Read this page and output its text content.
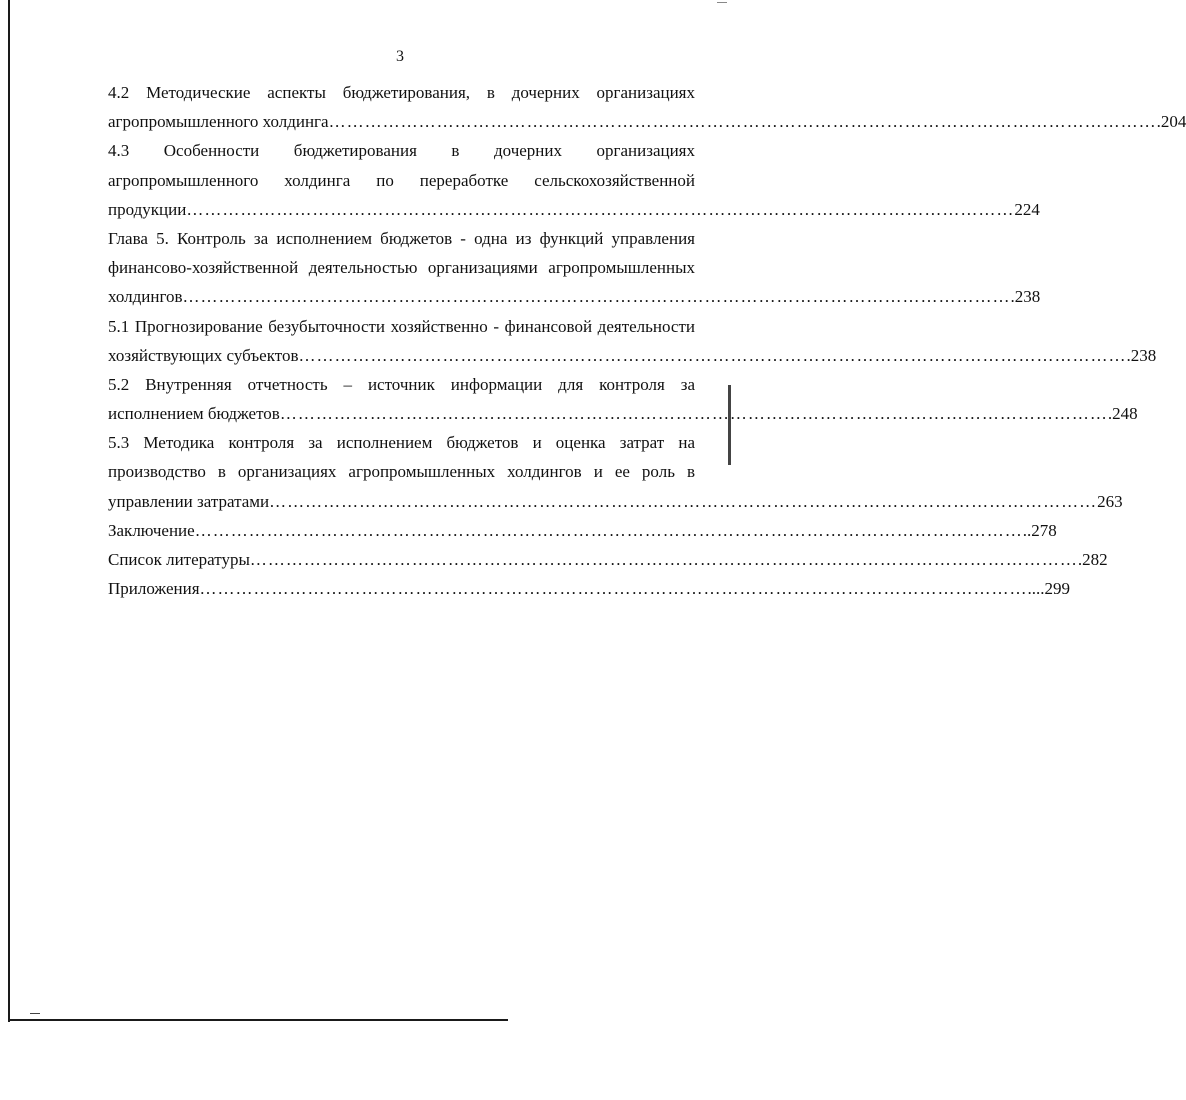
3
4.2 Методические аспекты бюджетирования, в дочерних организациях
агропромышленного холдинга ………………………………………………………………………………………………………………………… .204
4.3 Особенности бюджетирования в дочерних организациях
агропромышленного холдинга по переработке сельскохозяйственной
продукции ………………………………………………………………………………………………………………………… 224
Глава 5. Контроль за исполнением бюджетов - одна из функций управления
финансово-хозяйственной деятельностью организациями агропромышленных
холдингов ………………………………………………………………………………………………………………………… .238
5.1 Прогнозирование безубыточности хозяйственно - финансовой деятельности
хозяйствующих субъектов ………………………………………………………………………………………………………………………… .238
5.2 Внутренняя отчетность – источник информации для контроля за
исполнением бюджетов ………………………………………………………………………………………………………………………… .248
5.3 Методика контроля за исполнением бюджетов и оценка затрат на
производство в организациях агропромышленных холдингов и ее роль в
управлении затратами ………………………………………………………………………………………………………………………… 263
Заключение ………………………………………………………………………………………………………………………… ..278
Список литературы ………………………………………………………………………………………………………………………… .282
Приложения ………………………………………………………………………………………………………………………… ....299
